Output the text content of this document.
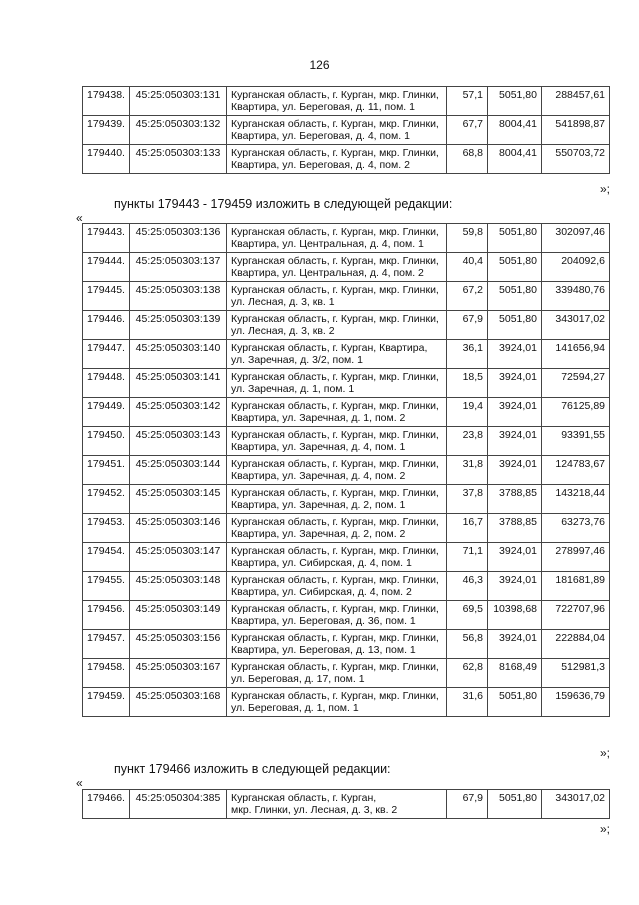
126
179438.	45:25:050303:131	Курганская область, г. Курган, мкр. Глинки,
Квартира, ул. Береговая, д. 11, пом. 1	57,1	5051,80	288457,61
179439.	45:25:050303:132	Курганская область, г. Курган, мкр. Глинки,
Квартира, ул. Береговая, д. 4, пом. 1	67,7	8004,41	541898,87
179440.	45:25:050303:133	Курганская область, г. Курган, мкр. Глинки,
Квартира, ул. Береговая, д. 4, пом. 2	68,8	8004,41	550703,72
»;
пункты 179443 - 179459 изложить в следующей редакции:
«
179443.	45:25:050303:136	Курганская область, г. Курган, мкр. Глинки,
Квартира, ул. Центральная, д. 4, пом. 1	59,8	5051,80	302097,46
179444.	45:25:050303:137	Курганская область, г. Курган, мкр. Глинки,
Квартира, ул. Центральная, д. 4, пом. 2	40,4	5051,80	204092,6
179445.	45:25:050303:138	Курганская область, г. Курган, мкр. Глинки,
ул. Лесная, д. 3, кв. 1	67,2	5051,80	339480,76
179446.	45:25:050303:139	Курганская область, г. Курган, мкр. Глинки,
ул. Лесная, д. 3, кв. 2	67,9	5051,80	343017,02
179447.	45:25:050303:140	Курганская область, г. Курган, Квартира,
ул. Заречная, д. 3/2, пом. 1	36,1	3924,01	141656,94
179448.	45:25:050303:141	Курганская область, г. Курган, мкр. Глинки,
ул. Заречная, д. 1, пом. 1	18,5	3924,01	72594,27
179449.	45:25:050303:142	Курганская область, г. Курган, мкр. Глинки,
Квартира, ул. Заречная, д. 1, пом. 2	19,4	3924,01	76125,89
179450.	45:25:050303:143	Курганская область, г. Курган, мкр. Глинки,
Квартира, ул. Заречная, д. 4, пом. 1	23,8	3924,01	93391,55
179451.	45:25:050303:144	Курганская область, г. Курган, мкр. Глинки,
Квартира, ул. Заречная, д. 4, пом. 2	31,8	3924,01	124783,67
179452.	45:25:050303:145	Курганская область, г. Курган, мкр. Глинки,
Квартира, ул. Заречная, д. 2, пом. 1	37,8	3788,85	143218,44
179453.	45:25:050303:146	Курганская область, г. Курган, мкр. Глинки,
Квартира, ул. Заречная, д. 2, пом. 2	16,7	3788,85	63273,76
179454.	45:25:050303:147	Курганская область, г. Курган, мкр. Глинки,
Квартира, ул. Сибирская, д. 4, пом. 1	71,1	3924,01	278997,46
179455.	45:25:050303:148	Курганская область, г. Курган, мкр. Глинки,
Квартира, ул. Сибирская, д. 4, пом. 2	46,3	3924,01	181681,89
179456.	45:25:050303:149	Курганская область, г. Курган, мкр. Глинки,
Квартира, ул. Береговая, д. 36, пом. 1	69,5	10398,68	722707,96
179457.	45:25:050303:156	Курганская область, г. Курган, мкр. Глинки,
Квартира, ул. Береговая, д. 13, пом. 1	56,8	3924,01	222884,04
179458.	45:25:050303:167	Курганская область, г. Курган, мкр. Глинки,
ул. Береговая, д. 17, пом. 1	62,8	8168,49	512981,3
179459.	45:25:050303:168	Курганская область, г. Курган, мкр. Глинки,
ул. Береговая, д. 1, пом. 1	31,6	5051,80	159636,79
»;
пункт 179466 изложить в следующей редакции:
«
179466.	45:25:050304:385	Курганская область, г. Курган,
мкр. Глинки, ул. Лесная, д. 3, кв. 2
	67,9	5051,80	343017,02
»;
